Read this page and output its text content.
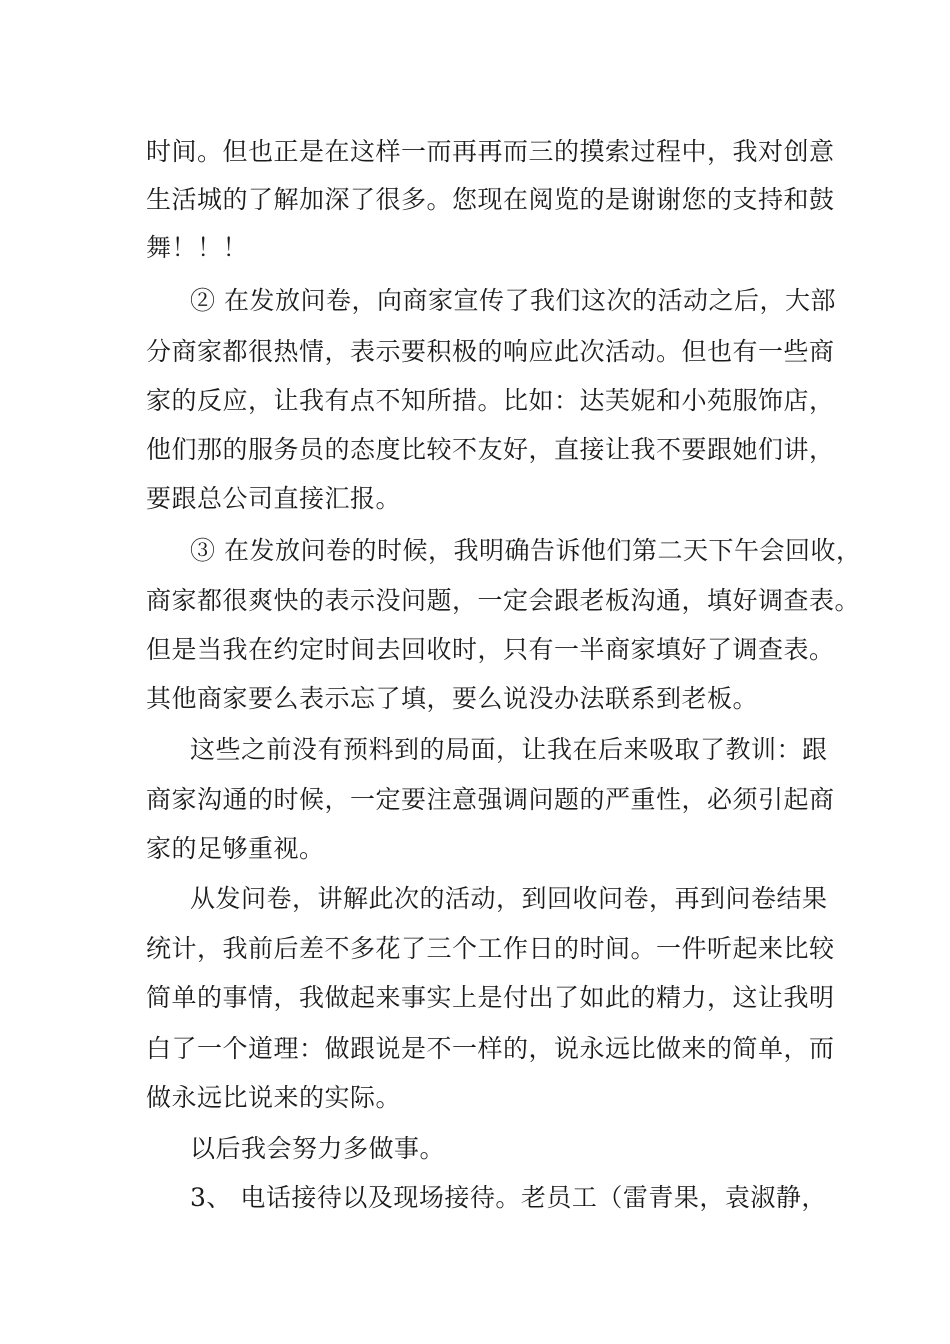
时间。但也正是在这样一而再再而三的摸索过程中，我对创意
生活城的了解加深了很多。您现在阅览的是谢谢您的支持和鼓
舞！！！
② 在发放问卷，向商家宣传了我们这次的活动之后，大部
分商家都很热情，表示要积极的响应此次活动。但也有一些商
家的反应，让我有点不知所措。比如：达芙妮和小苑服饰店，
他们那的服务员的态度比较不友好，直接让我不要跟她们讲，
要跟总公司直接汇报。
③ 在发放问卷的时候，我明确告诉他们第二天下午会回收，
商家都很爽快的表示没问题，一定会跟老板沟通，填好调查表。
但是当我在约定时间去回收时，只有一半商家填好了调查表。
其他商家要么表示忘了填，要么说没办法联系到老板。
这些之前没有预料到的局面，让我在后来吸取了教训：跟
商家沟通的时候，一定要注意强调问题的严重性，必须引起商
家的足够重视。
从发问卷，讲解此次的活动，到回收问卷，再到问卷结果
统计，我前后差不多花了三个工作日的时间。一件听起来比较
简单的事情，我做起来事实上是付出了如此的精力，这让我明
白了一个道理：做跟说是不一样的，说永远比做来的简单，而
做永远比说来的实际。
以后我会努力多做事。
3、 电话接待以及现场接待。老员工（雷青果，袁淑静，
